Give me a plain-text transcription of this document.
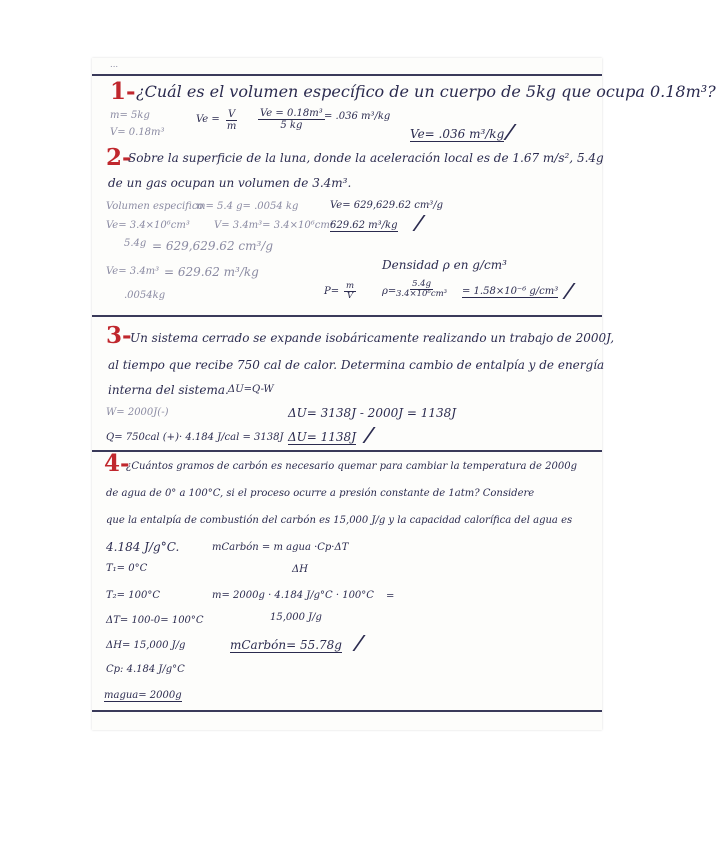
...
1- ¿Cuál es el volumen específico de un cuerpo de 5kg que ocupa 0.18m³?
m= 5kg
V= 0.18m³
$Ve = \frac{V}{m} \frac{\text{Ve = 0.18m³}}{5 kg} = .036$ m³/kg
Ve= .036 m³/kg
2-
Sobre la superficie de la luna, donde la aceleración local es de 1.67 m/s², 5.4g
de un gas ocupan un volumen de 3.4m³.
Volumen especifico
m= 5.4 g= .0054 kg	Ve= 629,629.62 cm³/g
Ve= 3.4×10⁶cm³ V= 3.4m³= 3.4×10⁶cm³
629.62 m³/kg
5.4g = 629,629.62 cm³/g
Ve= 3.4m³ = 629.62 m³/kg
.0054kg
Densidad ρ en g/cm³
$P= \frac{m}{V}$	$\rho= \frac{5.4g}{\text{3.4×10⁶cm³}} = 1.58\times 10^{-6}$ g/cm³
3-
Un sistema cerrado se expande isobáricamente realizando un trabajo de 2000J,
al tiempo que recibe 750 cal de calor. Determina cambio de entalpía y de energía
interna del sistema. ΔU=Q-W
W= 2000J(-)	ΔU= 3138J - 2000J = 1138J
Q= 750cal (+)· 4.184 J/cal = 3138J ΔU= 1138J
4-
¿Cuántos gramos de carbón es necesario quemar para cambiar la temperatura de 2000g
de agua de 0° a 100°C, si el proceso ocurre a presión constante de 1atm? Considere
que la entalpía de combustión del carbón es 15,000 J/g y la capacidad calorífica del agua es
4.184 J/g°C.	mCarbón = m agua ·Cp·ΔT
ΔH
T₁= 0°C
T₂= 100°C	m= 2000g · 4.184 J/g°C · 100°C =
15,000 J/g
ΔT= 100-0= 100°C
ΔH= 15,000 J/g	mCarbón= 55.78g
Cp: 4.184 J/g°C
magua= 2000g
